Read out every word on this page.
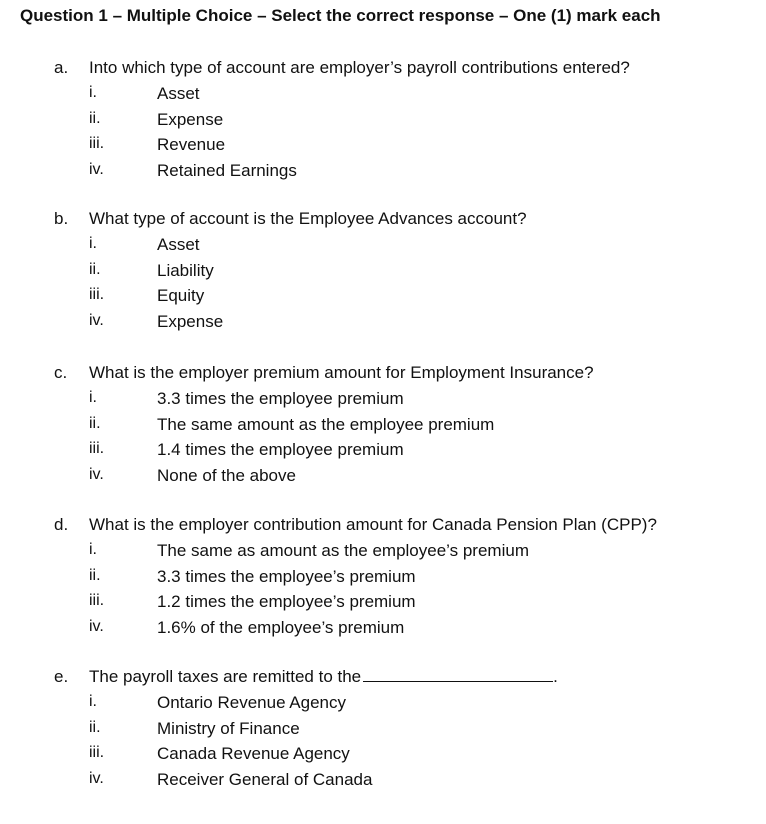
Question 1 – Multiple Choice – Select the correct response – One (1) mark each
a. Into which type of account are employer’s payroll contributions entered?
i.	Asset
ii.	Expense
iii.	Revenue
iv.	Retained Earnings
b. What type of account is the Employee Advances account?
i.	Asset
ii.	Liability
iii.	Equity
iv.	Expense
c. What is the employer premium amount for Employment Insurance?
i.	3.3 times the employee premium
ii.	The same amount as the employee premium
iii.	1.4 times the employee premium
iv.	None of the above
d. What is the employer contribution amount for Canada Pension Plan (CPP)?
i.	The same as amount as the employee’s premium
ii.	3.3 times the employee’s premium
iii.	1.2 times the employee’s premium
iv.	1.6% of the employee’s premium
e. The payroll taxes are remitted to the	.
i.	Ontario Revenue Agency
ii.	Ministry of Finance
iii.	Canada Revenue Agency
iv.	Receiver General of Canada
